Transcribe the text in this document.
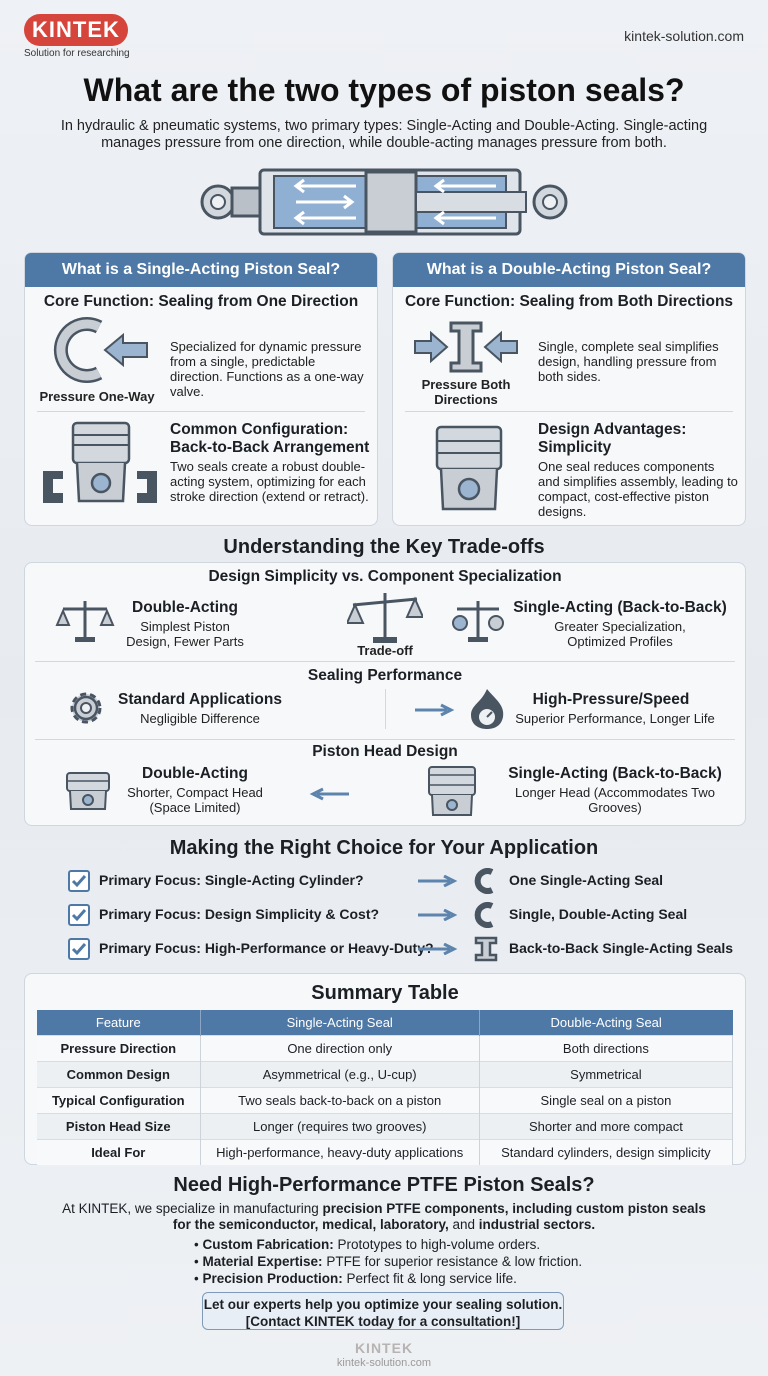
KINTEK
Solution for researching
kintek-solution.com
What are the two types of piston seals?
In hydraulic & pneumatic systems, two primary types: Single-Acting and Double-Acting. Single-acting manages pressure from one direction, while double-acting manages pressure from both.
What is a Single-Acting Piston Seal?
Core Function: Sealing from One Direction
Pressure One-Way
Specialized for dynamic pressure from a single, predictable direction. Functions as a one-way valve.
Common Configuration: Back-to-Back Arrangement
Two seals create a robust double-acting system, optimizing for each stroke direction (extend or retract).
What is a Double-Acting Piston Seal?
Core Function: Sealing from Both Directions
Pressure Both Directions
Single, complete seal simplifies design, handling pressure from both sides.
Design Advantages: Simplicity
One seal reduces components and simplifies assembly, leading to compact, cost-effective piston designs.
Understanding the Key Trade-offs
Design Simplicity vs. Component Specialization
Double-Acting
Simplest Piston Design, Fewer Parts
Trade-off
Single-Acting (Back-to-Back)
Greater Specialization, Optimized Profiles
Sealing Performance
Standard Applications
Negligible Difference
High-Pressure/Speed
Superior Performance, Longer Life
Piston Head Design
Double-Acting
Shorter, Compact Head (Space Limited)
Single-Acting (Back-to-Back)
Longer Head (Accommodates Two Grooves)
Making the Right Choice for Your Application
Primary Focus: Single-Acting Cylinder?	One Single-Acting Seal
Primary Focus: Design Simplicity & Cost?	Single, Double-Acting Seal
Primary Focus: High-Performance or Heavy-Duty?	Back-to-Back Single-Acting Seals
Summary Table
Feature	Single-Acting Seal	Double-Acting Seal
Pressure Direction	One direction only	Both directions
Common Design	Asymmetrical (e.g., U-cup)	Symmetrical
Typical Configuration	Two seals back-to-back on a piston	Single seal on a piston
Piston Head Size	Longer (requires two grooves)	Shorter and more compact
Ideal For	High-performance, heavy-duty applications	Standard cylinders, design simplicity
Need High-Performance PTFE Piston Seals?
At KINTEK, we specialize in manufacturing precision PTFE components, including custom piston seals
for the semiconductor, medical, laboratory, and industrial sectors.
• Custom Fabrication: Prototypes to high-volume orders.
• Material Expertise: PTFE for superior resistance & low friction.
• Precision Production: Perfect fit & long service life.
Let our experts help you optimize your sealing solution.
[Contact KINTEK today for a consultation!]
KINTEK
kintek-solution.com
